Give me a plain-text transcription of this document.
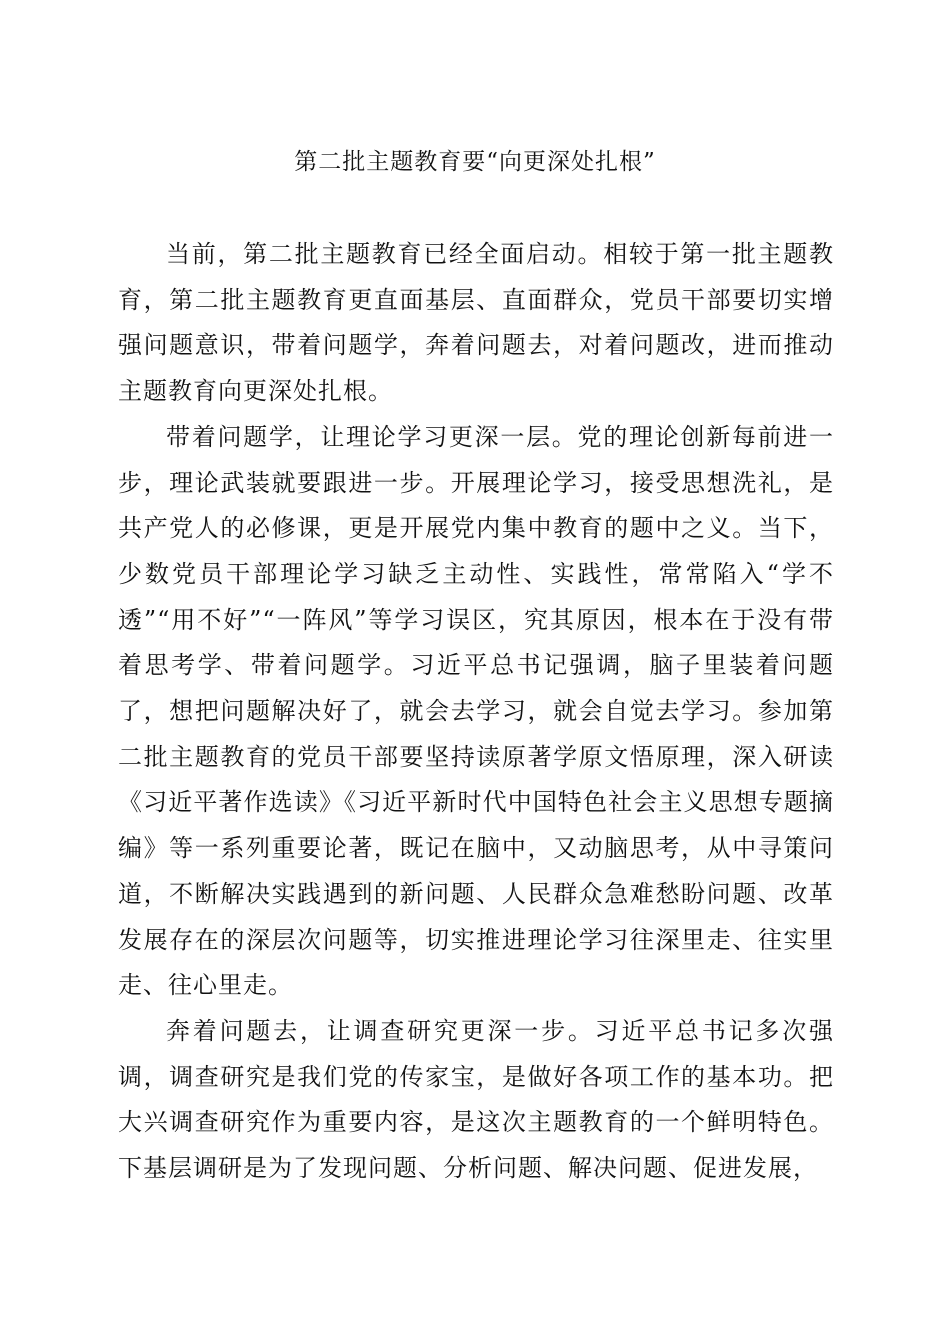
第二批主题教育要“向更深处扎根”

当前，第二批主题教育已经全面启动。相较于第一批主题教育，第二批主题教育更直面基层、直面群众，党员干部要切实增强问题意识，带着问题学，奔着问题去，对着问题改，进而推动主题教育向更深处扎根。

带着问题学，让理论学习更深一层。党的理论创新每前进一步，理论武装就要跟进一步。开展理论学习，接受思想洗礼，是共产党人的必修课，更是开展党内集中教育的题中之义。当下，少数党员干部理论学习缺乏主动性、实践性，常常陷入“学不透”“用不好”“一阵风”等学习误区，究其原因，根本在于没有带着思考学、带着问题学。习近平总书记强调，脑子里装着问题了，想把问题解决好了，就会去学习，就会自觉去学习。参加第二批主题教育的党员干部要坚持读原著学原文悟原理，深入研读《习近平著作选读》《习近平新时代中国特色社会主义思想专题摘编》等一系列重要论著，既记在脑中，又动脑思考，从中寻策问道，不断解决实践遇到的新问题、人民群众急难愁盼问题、改革发展存在的深层次问题等，切实推进理论学习往深里走、往实里走、往心里走。

奔着问题去，让调查研究更深一步。习近平总书记多次强调，调查研究是我们党的传家宝，是做好各项工作的基本功。把大兴调查研究作为重要内容，是这次主题教育的一个鲜明特色。下基层调研是为了发现问题、分析问题、解决问题、促进发展，
